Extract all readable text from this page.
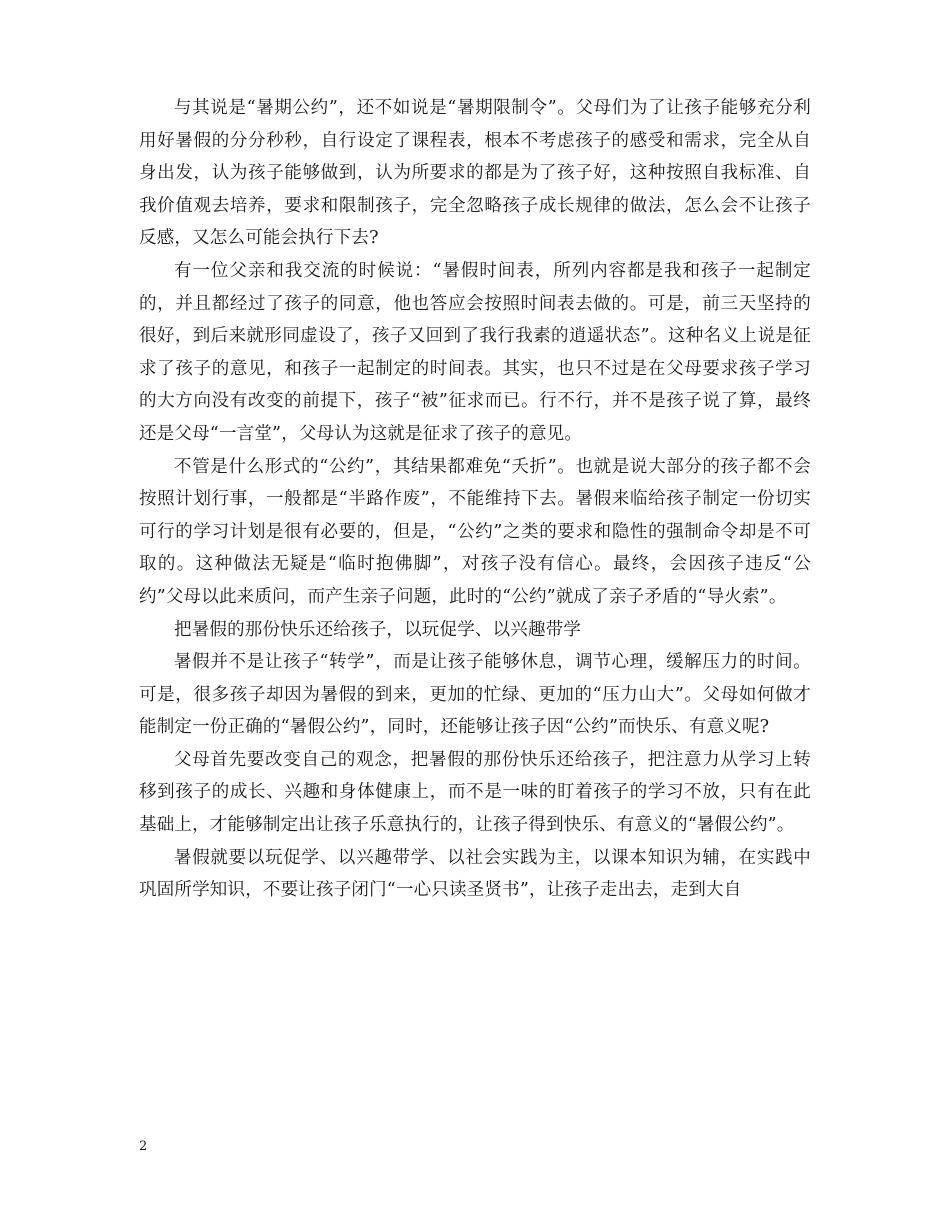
与其说是“暑期公约”，还不如说是“暑期限制令”。父母们为了让孩子能够充分利用好暑假的分分秒秒，自行设定了课程表，根本不考虑孩子的感受和需求，完全从自身出发，认为孩子能够做到，认为所要求的都是为了孩子好，这种按照自我标准、自我价值观去培养，要求和限制孩子，完全忽略孩子成长规律的做法，怎么会不让孩子反感，又怎么可能会执行下去?

有一位父亲和我交流的时候说：“暑假时间表，所列内容都是我和孩子一起制定的，并且都经过了孩子的同意，他也答应会按照时间表去做的。可是，前三天坚持的很好，到后来就形同虚设了，孩子又回到了我行我素的逍遥状态”。这种名义上说是征求了孩子的意见，和孩子一起制定的时间表。其实，也只不过是在父母要求孩子学习的大方向没有改变的前提下，孩子“被”征求而已。行不行，并不是孩子说了算，最终还是父母“一言堂”，父母认为这就是征求了孩子的意见。

不管是什么形式的“公约”，其结果都难免“夭折”。也就是说大部分的孩子都不会按照计划行事，一般都是“半路作废”，不能维持下去。暑假来临给孩子制定一份切实可行的学习计划是很有必要的，但是，“公约”之类的要求和隐性的强制命令却是不可取的。这种做法无疑是“临时抱佛脚”，对孩子没有信心。最终，会因孩子违反“公约”父母以此来质问，而产生亲子问题，此时的“公约”就成了亲子矛盾的“导火索”。

把暑假的那份快乐还给孩子，以玩促学、以兴趣带学

暑假并不是让孩子“转学”，而是让孩子能够休息，调节心理，缓解压力的时间。可是，很多孩子却因为暑假的到来，更加的忙绿、更加的“压力山大”。父母如何做才能制定一份正确的“暑假公约”，同时，还能够让孩子因“公约”而快乐、有意义呢?

父母首先要改变自己的观念，把暑假的那份快乐还给孩子，把注意力从学习上转移到孩子的成长、兴趣和身体健康上，而不是一味的盯着孩子的学习不放，只有在此基础上，才能够制定出让孩子乐意执行的，让孩子得到快乐、有意义的“暑假公约”。

暑假就要以玩促学、以兴趣带学、以社会实践为主，以课本知识为辅，在实践中巩固所学知识，不要让孩子闭门“一心只读圣贤书”，让孩子走出去，走到大自

2
